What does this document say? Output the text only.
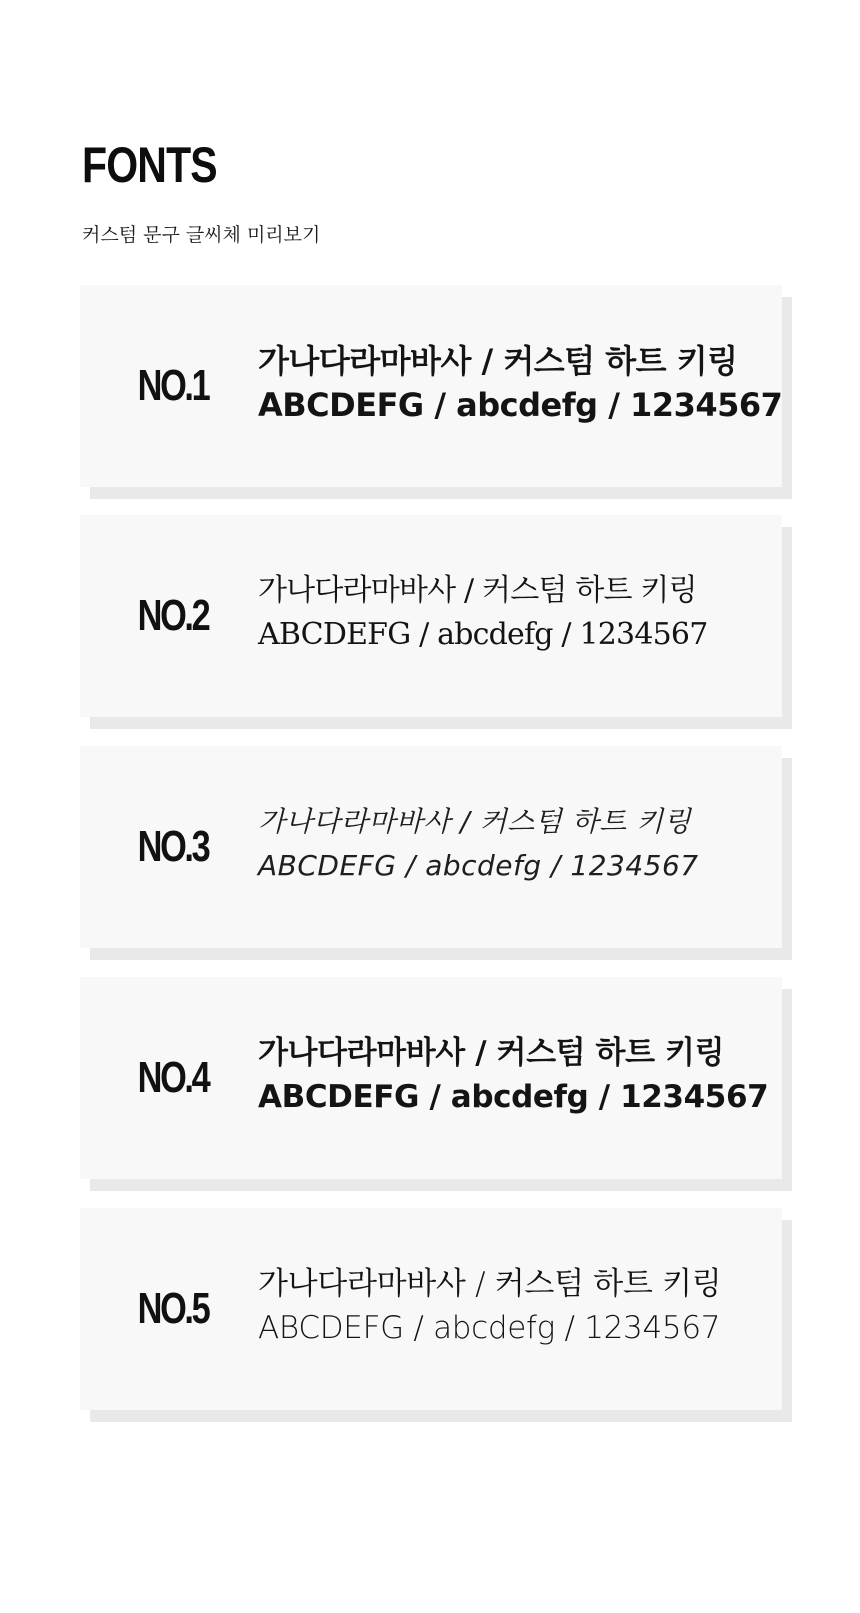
FONTS
커스텀 문구 글씨체 미리보기
NO.1 가나다라마바사 / 커스텀 하트 키링
ABCDEFG / abcdefg / 1234567
NO.2
가나다라마바사 / 커스텀 하트 키링
ABCDEFG / abcdefg / 1234567
NO.3
가나다라마바사 / 커스텀 하트 키링
ABCDEFG / abcdefg / 1234567
NO.4 가나다라마바사 / 커스텀 하트 키링
ABCDEFG / abcdefg / 1234567
NO.5 가나다라마바사 / 커스텀 하트 키링
ABCDEFG / abcdefg / 1234567
